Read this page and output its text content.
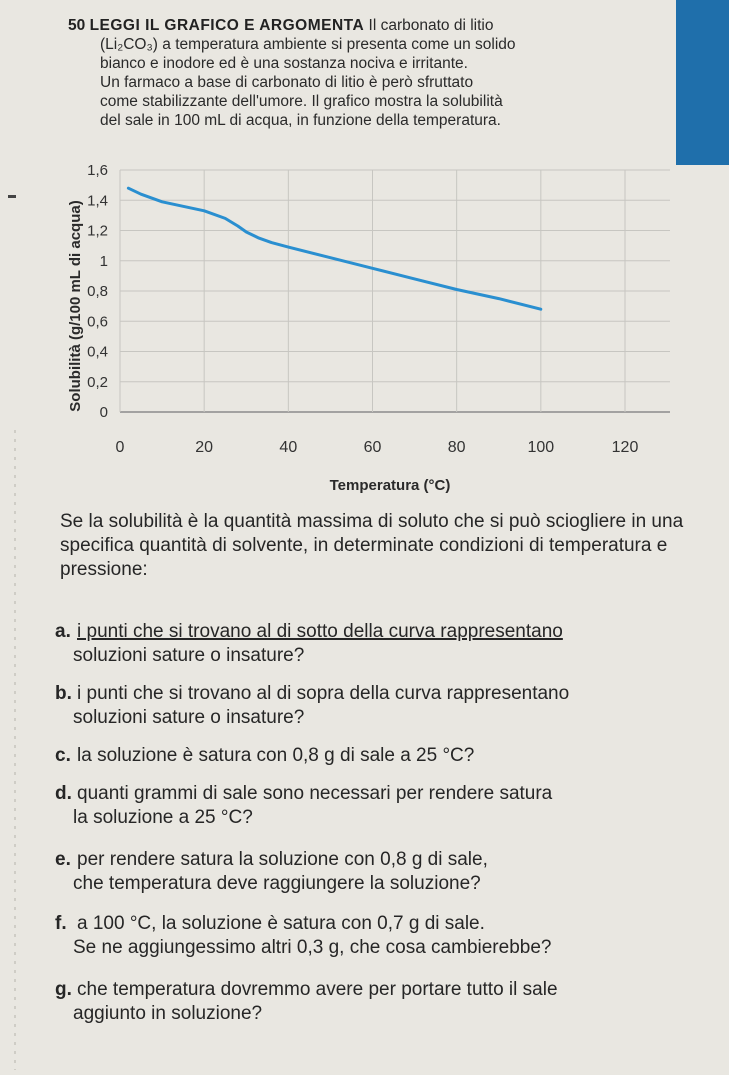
50 LEGGI IL GRAFICO E ARGOMENTA Il carbonato di litio
(Li₂CO₃) a temperatura ambiente si presenta come un solido
bianco e inodore ed è una sostanza nociva e irritante.
Un farmaco a base di carbonato di litio è però sfruttato
come stabilizzante dell'umore. Il grafico mostra la solubilità
del sale in 100 mL di acqua, in funzione della temperatura.
0
0,2
0,4
0,6
0,8
1
1,2
1,4
1,6
0	20	40	60	80	100	120
Solubilità (g/100 mL di acqua)
Temperatura (°C)
Se la solubilità è la quantità massima di soluto che si può sciogliere in una specifica quantità di solvente, in determinate condizioni di temperatura e pressione:
a. i punti che si trovano al di sotto della curva rappresentano
soluzioni sature o insature?
b. i punti che si trovano al di sopra della curva rappresentano
soluzioni sature o insature?
c. la soluzione è satura con 0,8 g di sale a 25 °C?
d. quanti grammi di sale sono necessari per rendere satura
la soluzione a 25 °C?
e. per rendere satura la soluzione con 0,8 g di sale,
che temperatura deve raggiungere la soluzione?
f. a 100 °C, la soluzione è satura con 0,7 g di sale.
Se ne aggiungessimo altri 0,3 g, che cosa cambierebbe?
g. che temperatura dovremmo avere per portare tutto il sale
aggiunto in soluzione?
